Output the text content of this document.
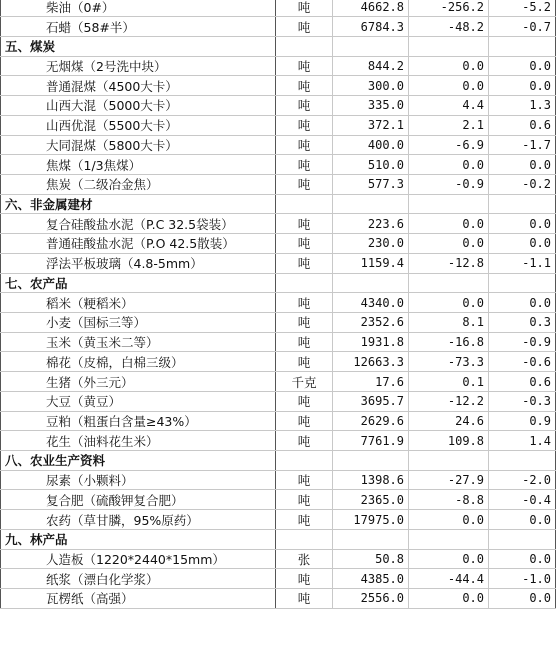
柴油（0#）	吨	4662.8	-256.2	-5.2
石蜡（58#半）	吨	6784.3	-48.2	-0.7
五、煤炭				
无烟煤（2号洗中块）	吨	844.2	0.0	0.0
普通混煤（4500大卡）	吨	300.0	0.0	0.0
山西大混（5000大卡）	吨	335.0	4.4	1.3
山西优混（5500大卡）	吨	372.1	2.1	0.6
大同混煤（5800大卡）	吨	400.0	-6.9	-1.7
焦煤（1/3焦煤）	吨	510.0	0.0	0.0
焦炭（二级冶金焦）	吨	577.3	-0.9	-0.2
六、非金属建材				
复合硅酸盐水泥（P.C 32.5袋装）	吨	223.6	0.0	0.0
普通硅酸盐水泥（P.O 42.5散装）	吨	230.0	0.0	0.0
浮法平板玻璃（4.8-5mm）	吨	1159.4	-12.8	-1.1
七、农产品				
稻米（粳稻米）	吨	4340.0	0.0	0.0
小麦（国标三等）	吨	2352.6	8.1	0.3
玉米（黄玉米二等）	吨	1931.8	-16.8	-0.9
棉花（皮棉，白棉三级）	吨	12663.3	-73.3	-0.6
生猪（外三元）	千克	17.6	0.1	0.6
大豆（黄豆）	吨	3695.7	-12.2	-0.3
豆粕（粗蛋白含量≥43%）	吨	2629.6	24.6	0.9
花生（油料花生米）	吨	7761.9	109.8	1.4
八、农业生产资料				
尿素（小颗料）	吨	1398.6	-27.9	-2.0
复合肥（硫酸钾复合肥）	吨	2365.0	-8.8	-0.4
农药（草甘膦，95%原药）	吨	17975.0	0.0	0.0
九、林产品				
人造板（1220*2440*15mm）	张	50.8	0.0	0.0
纸浆（漂白化学浆）	吨	4385.0	-44.4	-1.0
瓦楞纸（高强）	吨	2556.0	0.0	0.0
